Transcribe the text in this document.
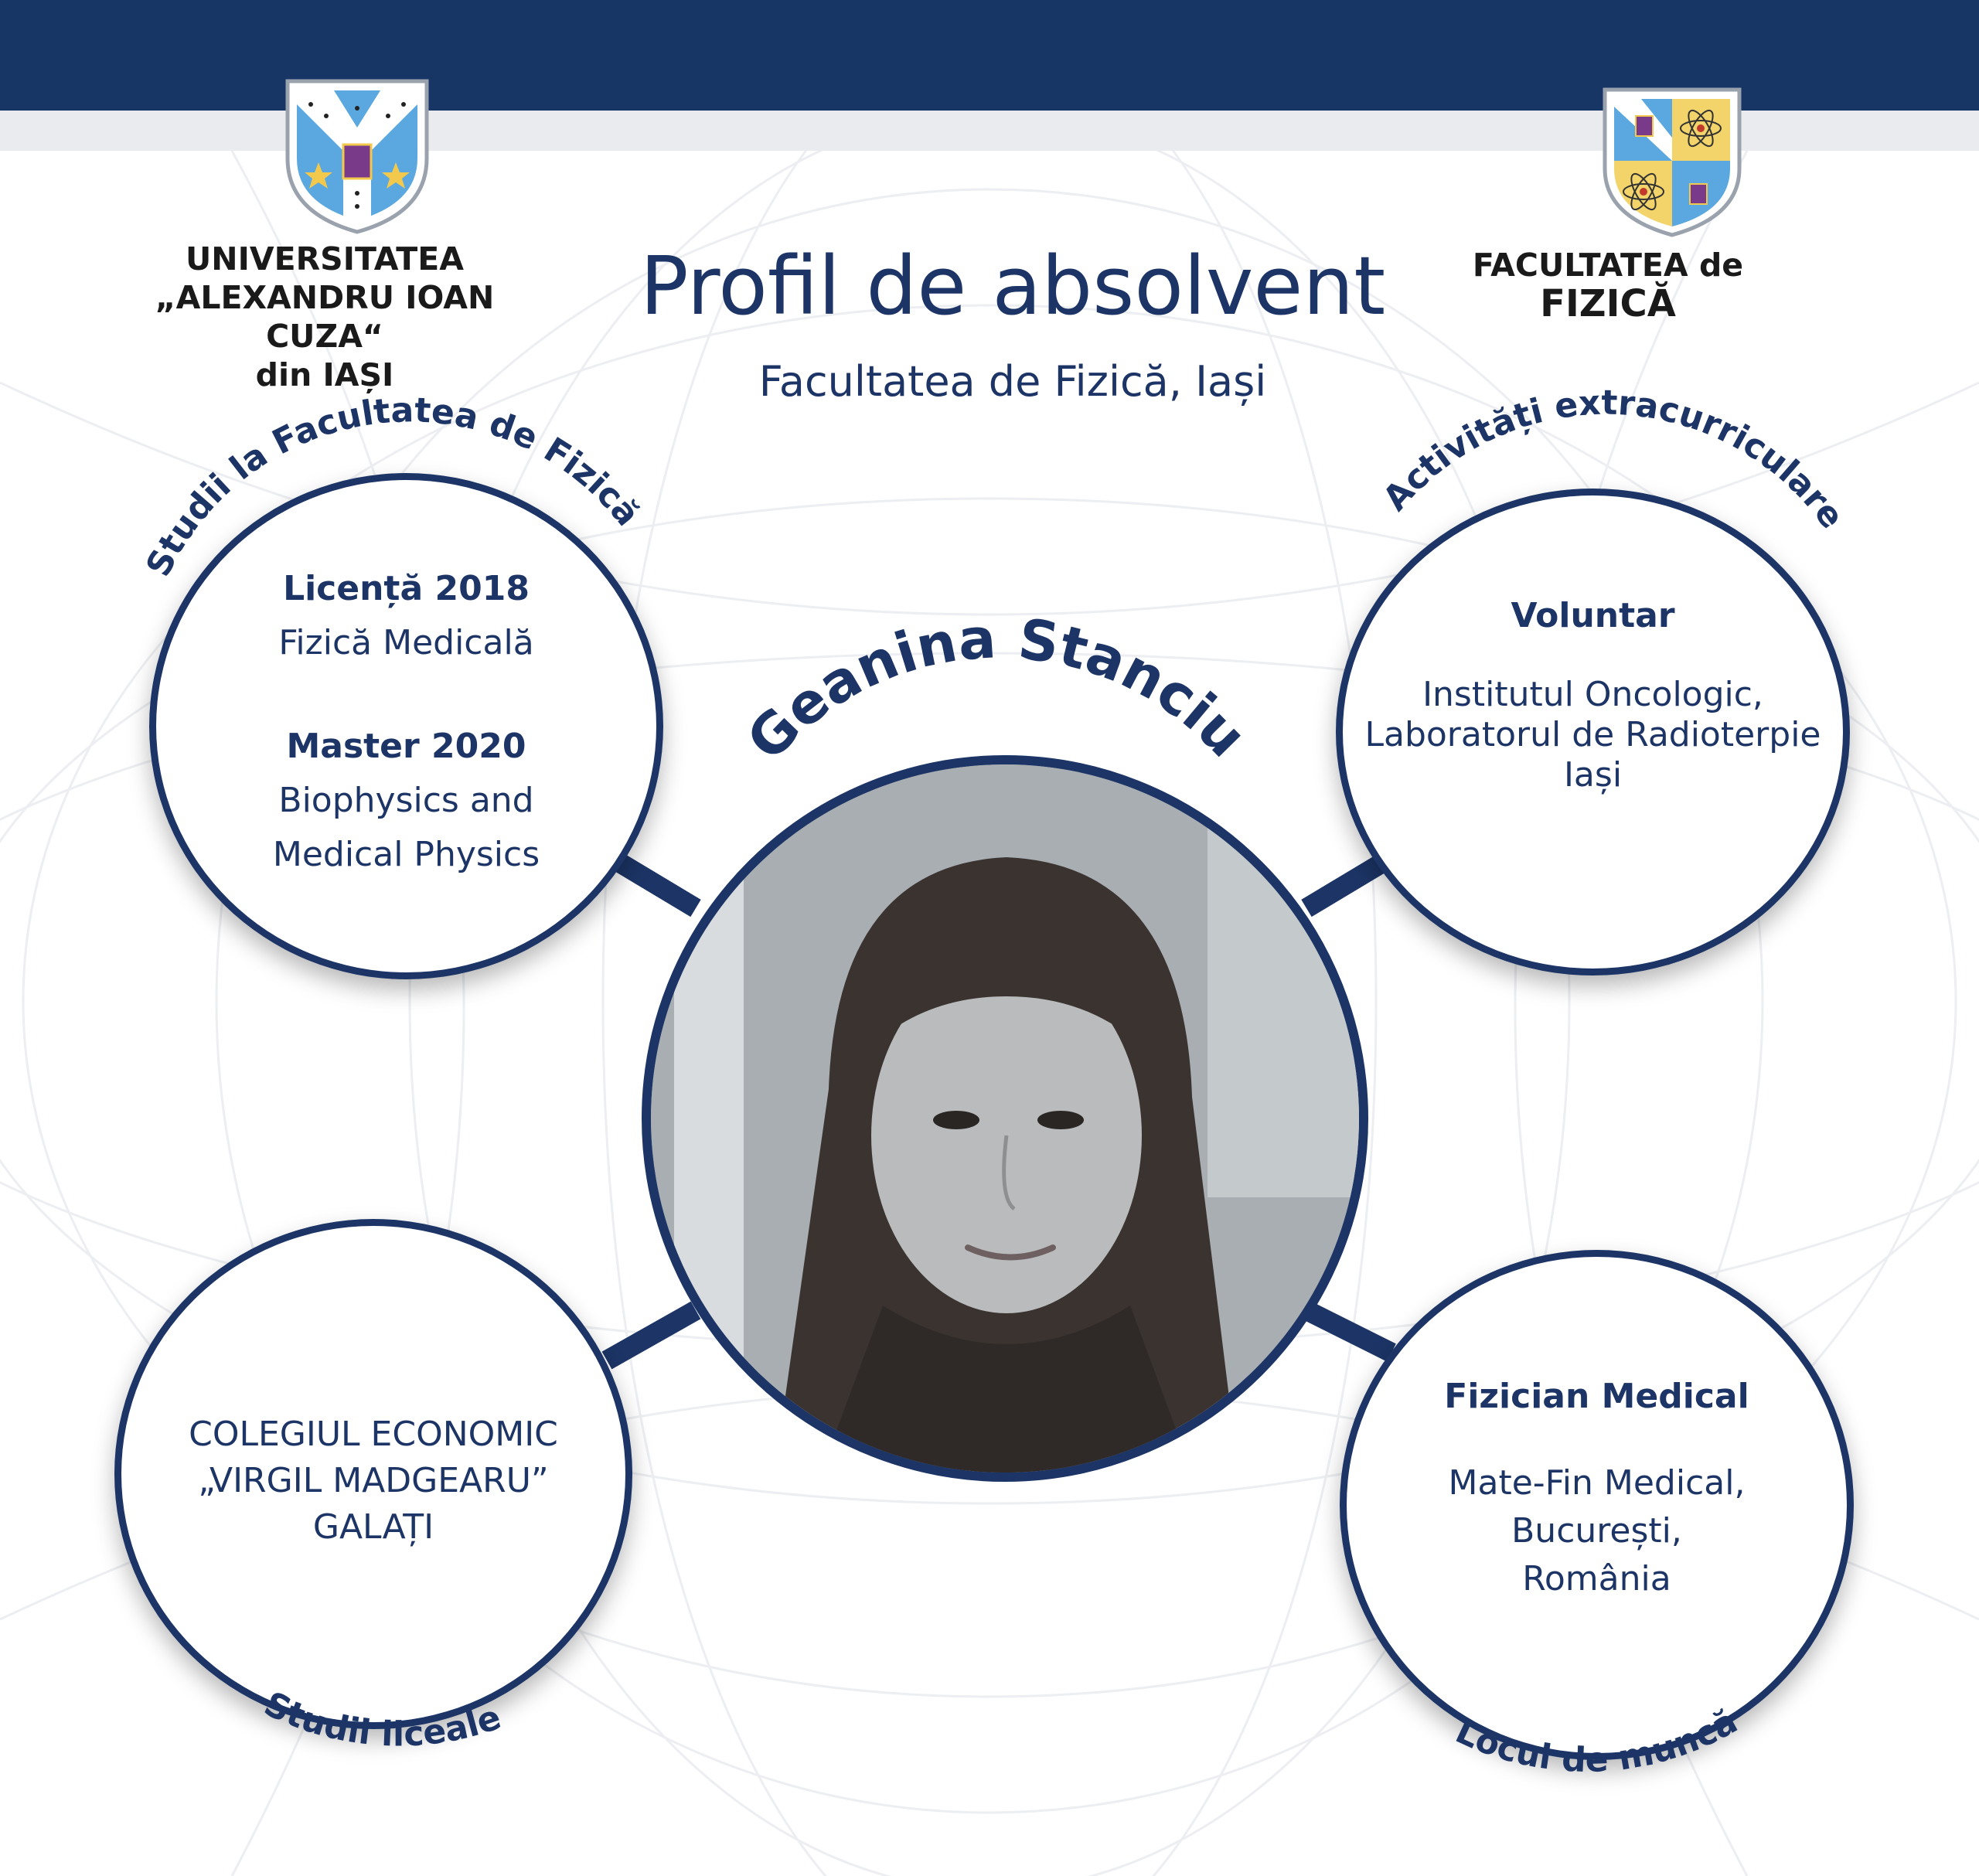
UNIVERSITATEA
„ALEXANDRU IOAN CUZA“
din IAȘI
FACULTATEA de
FIZICĂ
Profil de absolvent
Facultatea de Fizică, Iași
Licență 2018
Fizică Medicală
Master 2020
Biophysics and
Medical Physics
Voluntar
Institutul Oncologic,
Laboratorul de Radioterpie
Iași
COLEGIUL ECONOMIC
„VIRGIL MADGEARU”
GALAȚI
Fizician Medical
Mate-Fin Medical,
București,
România
Studii la Facultatea de Fizică	Activități extracurriculare
Geanina Stanciu
Studii liceale	Locul de muncă
